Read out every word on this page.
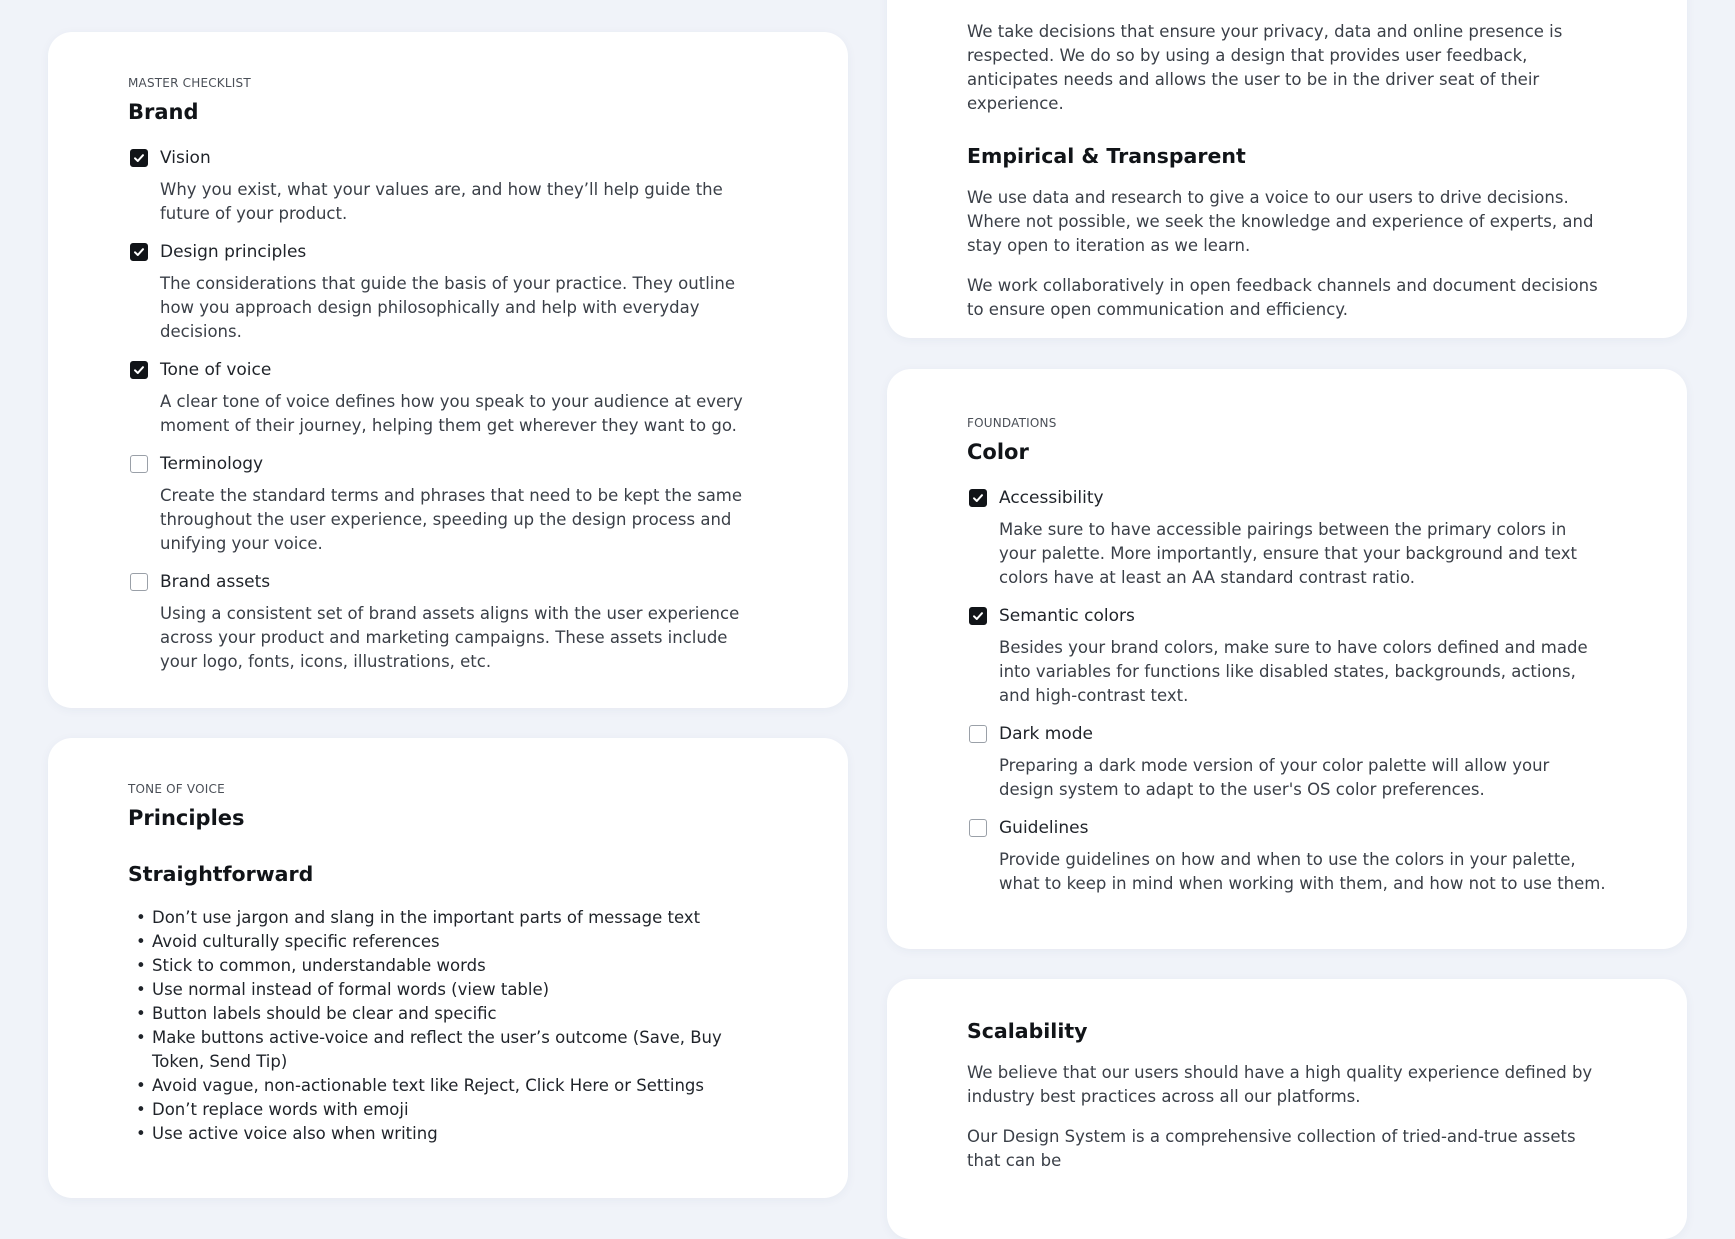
MASTER CHECKLIST
Brand
Vision
Why you exist, what your values are, and how they’ll help guide the future of your product.
Design principles
The considerations that guide the basis of your practice. They outline how you approach design philosophically and help with everyday decisions.
Tone of voice
A clear tone of voice defines how you speak to your audience at every moment of their journey, helping them get wherever they want to go.
Terminology
Create the standard terms and phrases that need to be kept the same throughout the user experience, speeding up the design process and unifying your voice.
Brand assets
Using a consistent set of brand assets aligns with the user experience across your product and marketing campaigns. These assets include your logo, fonts, icons, illustrations, etc.
TONE OF VOICE
Principles
Straightforward
• Don’t use jargon and slang in the important parts of message text
• Avoid culturally specific references
• Stick to common, understandable words
• Use normal instead of formal words (view table)
• Button labels should be clear and specific
• Make buttons active-voice and reflect the user’s outcome (Save, Buy Token, Send Tip)
• Avoid vague, non-actionable text like Reject, Click Here or Settings
• Don’t replace words with emoji
• Use active voice also when writing

We take decisions that ensure your privacy, data and online presence is respected. We do so by using a design that provides user feedback, anticipates needs and allows the user to be in the driver seat of their experience.

Empirical & Transparent

We use data and research to give a voice to our users to drive decisions. Where not possible, we seek the knowledge and experience of experts, and stay open to iteration as we learn.

We work collaboratively in open feedback channels and document decisions to ensure open communication and efficiency.

FOUNDATIONS
Color
Accessibility
Make sure to have accessible pairings between the primary colors in your palette. More importantly, ensure that your background and text colors have at least an AA standard contrast ratio.
Semantic colors
Besides your brand colors, make sure to have colors defined and made into variables for functions like disabled states, backgrounds, actions, and high-contrast text.
Dark mode
Preparing a dark mode version of your color palette will allow your design system to adapt to the user's OS color preferences.
Guidelines
Provide guidelines on how and when to use the colors in your palette, what to keep in mind when working with them, and how not to use them.
Scalability

We believe that our users should have a high quality experience defined by industry best practices across all our platforms.

Our Design System is a comprehensive collection of tried-and-true assets that can be
